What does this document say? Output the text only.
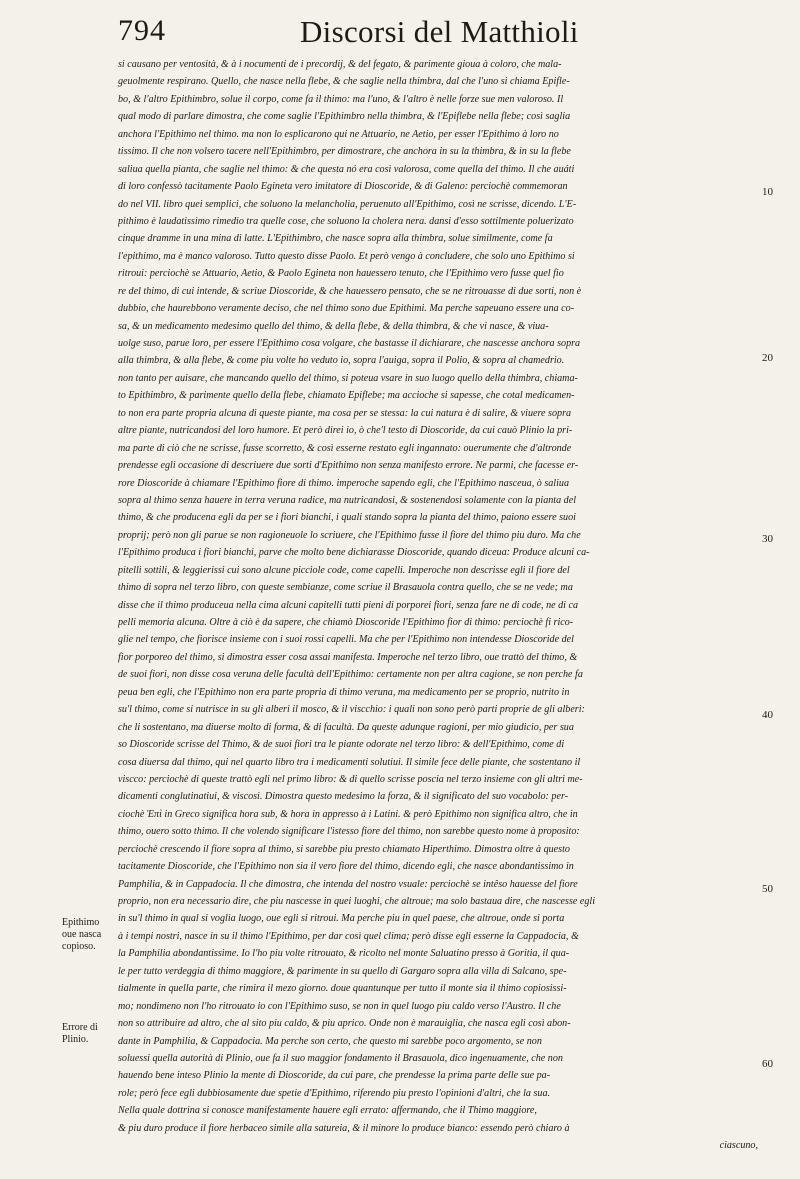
794	Discorsi del Matthioli
si causano per ventosità, & à i nocumenti de i precordij, & del fegato, & parimente gioua à coloro, che mala-
geuolmente respirano. Quello, che nasce nella flebe, & che saglie nella thimbra, dal che l'uno si chiama Epifle-
bo, & l'altro Epithimbro, solue il corpo, come fa il thimo: ma l'uno, & l'altro è nelle forze sue men valoroso. Il
qual modo di parlare dimostra, che come saglie l'Epithimbro nella thimbra, & l'Epiflebe nella flebe; così saglia
anchora l'Epithimo nel thimo. ma non lo esplicarono qui ne Attuario, ne Aetio, per esser l'Epithimo à loro no
tissimo. Il che non volsero tacere nell'Epithimbro, per dimostrare, che anchora in su la thimbra, & in su la flebe
saliua quella pianta, che saglie nel thimo: & che questa nó era così valorosa, come quella del thimo. Il che auáti
di loro confessò tacitamente Paolo Egineta vero imitatore di Dioscoride, & di Galeno: perciochè commemoran
do nel VII. libro quei semplici, che soluono la melancholia, peruenuto all'Epithimo, così ne scrisse, dicendo. L'E-
pithimo è laudatissimo rimedio tra quelle cose, che soluono la cholera nera. dansi d'esso sottilmente poluerizato
cinque dramme in una mina di latte. L'Epithimbro, che nasce sopra alla thimbra, solue similmente, come fa
l'epithimo, ma è manco valoroso. Tutto questo disse Paolo. Et però vengo à concludere, che solo uno Epithimo si
ritroui: perciochè se Attuario, Aetio, & Paolo Egineta non hauessero tenuto, che l'Epithimo vero fusse quel fio
re del thimo, di cui intende, & scriue Dioscoride, & che hauessero pensato, che se ne ritrouasse di due sorti, non è
dubbio, che haurebbono veramente deciso, che nel thimo sono due Epithimi. Ma perche sapeuano essere una co-
sa, & un medicamento medesimo quello del thimo, & della flebe, & della thimbra, & che vi nasce, & viua-
uolge suso, parue loro, per essere l'Epithimo cosa volgare, che bastasse il dichiarare, che nascesse anchora sopra
alla thimbra, & alla flebe, & come piu volte ho veduto io, sopra l'auiga, sopra il Polio, & sopra al chamedrio.
non tanto per auisare, che mancando quello del thimo, si poteua vsare in suo luogo quello della thimbra, chiama-
to Epithimbro, & parimente quello della flebe, chiamato Epiflebe; ma accioche si sapesse, che cotal medicamen-
to non era parte propria alcuna di queste piante, ma cosa per se stessa: la cui natura è di salire, & viuere sopra
altre piante, nutricandosi del loro humore. Et però direi io, ò che'l testo di Dioscoride, da cui cauò Plinio la pri-
ma parte di ciò che ne scrisse, fusse scorretto, & così esserne restato egli ingannato: ouerumente che d'altronde
prendesse egli occasione di descriuere due sorti d'Epithimo non senza manifesto errore. Ne parmi, che facesse er-
rore Dioscoride à chiamare l'Epithimo fiore di thimo. imperoche sapendo egli, che l'Epithimo nasceua, ò saliua
sopra al thimo senza hauere in terra veruna radice, ma nutricandosi, & sostenendosi solamente con la pianta del
thimo, & che producena egli da per se i fiori bianchi, i quali stando sopra la pianta del thimo, paiono essere suoi
proprij; però non gli parue se non ragioneuole lo scriuere, che l'Epithimo fusse il fiore del thimo piu duro. Ma che
l'Epithimo produca i fiori bianchi, parve che molto bene dichiarasse Dioscoride, quando diceua: Produce alcuni ca-
pitelli sottili, & leggierissi cui sono alcune picciole code, come capelli. Imperoche non descrisse egli il fiore del
thimo di sopra nel terzo libro, con queste sembianze, come scriue il Brasauola contra quello, che se ne vede; ma
disse che il thimo produceua nella cima alcuni capitelli tutti pieni di porporei fiori, senza fare ne di code, ne di ca
pelli memoria alcuna. Oltre à ciò è da sapere, che chiamò Dioscoride l'Epithimo fior di thimo: perciochè fi rico-
glie nel tempo, che fiorisce insieme con i suoi rossi capelli. Ma che per l'Epithimo non intendesse Dioscoride del
fior porporeo del thimo, si dimostra esser cosa assai manifesta. Imperoche nel terzo libro, oue trattò del thimo, &
de suoi fiori, non disse cosa veruna delle facultà dell'Epithimo: certamente non per altra cagione, se non perche fa
peua ben egli, che l'Epithimo non era parte propria di thimo veruna, ma medicamento per se proprio, nutrito in
su'l thimo, come si nutrisce in su gli alberi il mosco, & il viscchio: i quali non sono però parti proprie de gli alberi:
che li sostentano, ma diuerse molto di forma, & di facultà. Da queste adunque ragioni, per mio giudicio, per sua
so Dioscoride scrisse del Thimo, & de suoi fiori tra le piante odorate nel terzo libro: & dell'Epithimo, come di
cosa diuersa dal thimo, qui nel quarto libro tra i medicamenti solutiui. Il simile fece delle piante, che sostentano il
viscco: perciochè di queste trattò egli nel primo libro: & di quello scrisse poscia nel terzo insieme con gli altri me-
dicamenti conglutinatiui, & viscosi. Dimostra questo medesimo la forza, & il significato del suo vocabolo: per-
ciochè Ἐπὶ in Greco significa hora sub, & hora in appresso à i Latini. & però Epithimo non significa altro, che in
thimo, ouero sotto thimo. Il che volendo significare l'istesso fiore del thimo, non sarebbe questo nome à proposito:
perciochè crescendo il fiore sopra al thimo, si sarebbe piu presto chiamato Hiperthimo. Dimostra oltre à questo
tacitamente Dioscoride, che l'Epithimo non sia il vero fiore del thimo, dicendo egli, che nasce abondantissimo in
Pamphilia, & in Cappadocia. Il che dimostra, che intenda del nostro vsuale: perciochè se intêso hauesse del fiore
proprio, non era necessario dire, che piu nascesse in quei luoghi, che altroue; ma solo bastaua dire, che nascesse egli
in su'l thimo in qual si voglia luogo, oue egli si ritroui. Ma perche piu in quel paese, che altroue, onde si porta
à i tempi nostri, nasce in su il thimo l'Epithimo, per dar così quel clima; però disse egli esserne la Cappadocia, &
la Pamphilia abondantissime. Io l'ho piu volte ritrouato, & ricolto nel monte Saluatino presso à Goritia, il qua-
le per tutto verdeggia di thimo maggiore, & parimente in su quello di Gargaro sopra alla villa di Salcano, spe-
tialmente in quella parte, che rimira il mezo giorno. doue quantunque per tutto il monte sia il thimo copiosissi-
mo; nondimeno non l'ho ritrouato io con l'Epithimo suso, se non in quel luogo piu caldo verso l'Austro. Il che
non so attribuire ad altro, che al sito piu caldo, & piu aprico. Onde non è marauiglia, che nasca egli così abon-
dante in Pamphilia, & Cappadocia. Ma perche son certo, che questo mi sarebbe poco argomento, se non
soluessi quella autorità di Plinio, oue fa il suo maggior fondamento il Brasauola, dico ingenuamente, che non
hauendo bene inteso Plinio la mente di Dioscoride, da cui pare, che prendesse la prima parte delle sue pa-
role; però fece egli dubbiosamente due spetie d'Epithimo, riferendo piu presto l'opinioni d'altri, che la sua.
Nella quale dottrina si conosce manifestamente hauere egli errato: affermando, che il Thimo maggiore,
& piu duro produce il fiore herbaceo simile alla satureia, & il minore lo produce bianco: essendo però chiaro à
ciascuno,
10
20
30
40
50
60
Epithimo oue nasca copioso.
Errore di Plinio.
